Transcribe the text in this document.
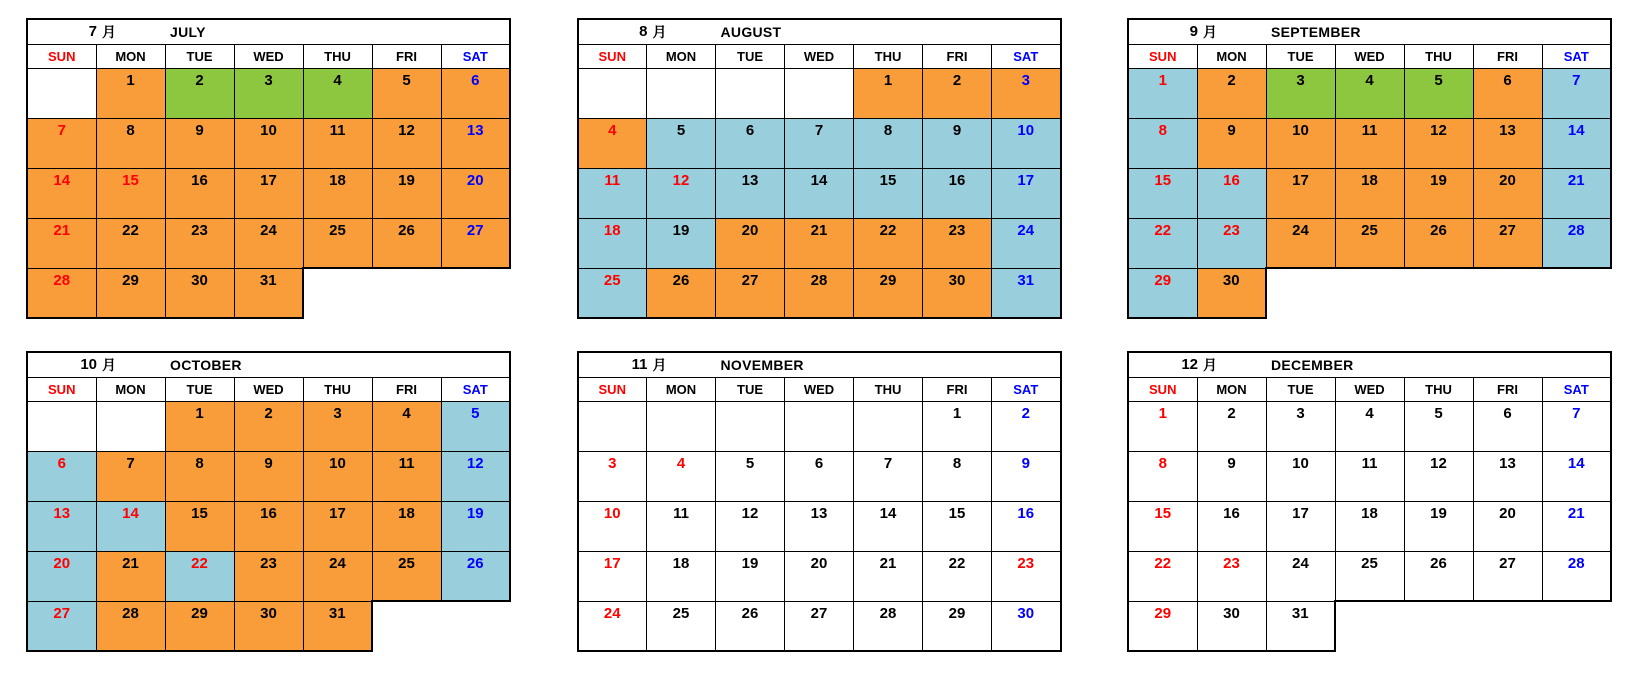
7 月 JULY						

SUN	MON	TUE	WED	THU	FRI	SAT
	1	2	3	4	5	6
7	8	9	10	11	12	13
14	15	16	17	18	19	20
21	22	23	24	25	26	27
28	29	30	31			
8 月 AUGUST						

SUN	MON	TUE	WED	THU	FRI	SAT
				1	2	3
4	5	6	7	8	9	10
11	12	13	14	15	16	17
18	19	20	21	22	23	24
25	26	27	28	29	30	31
9 月 SEPTEMBER						

SUN	MON	TUE	WED	THU	FRI	SAT
1	2	3	4	5	6	7
8	9	10	11	12	13	14
15	16	17	18	19	20	21
22	23	24	25	26	27	28
29	30					
10 月 OCTOBER						

SUN	MON	TUE	WED	THU	FRI	SAT
		1	2	3	4	5
6	7	8	9	10	11	12
13	14	15	16	17	18	19
20	21	22	23	24	25	26
27	28	29	30	31		
11 月 NOVEMBER						

SUN	MON	TUE	WED	THU	FRI	SAT
					1	2
3	4	5	6	7	8	9
10	11	12	13	14	15	16
17	18	19	20	21	22	23
24	25	26	27	28	29	30
12 月 DECEMBER						

SUN	MON	TUE	WED	THU	FRI	SAT
1	2	3	4	5	6	7
8	9	10	11	12	13	14
15	16	17	18	19	20	21
22	23	24	25	26	27	28
29	30	31				
